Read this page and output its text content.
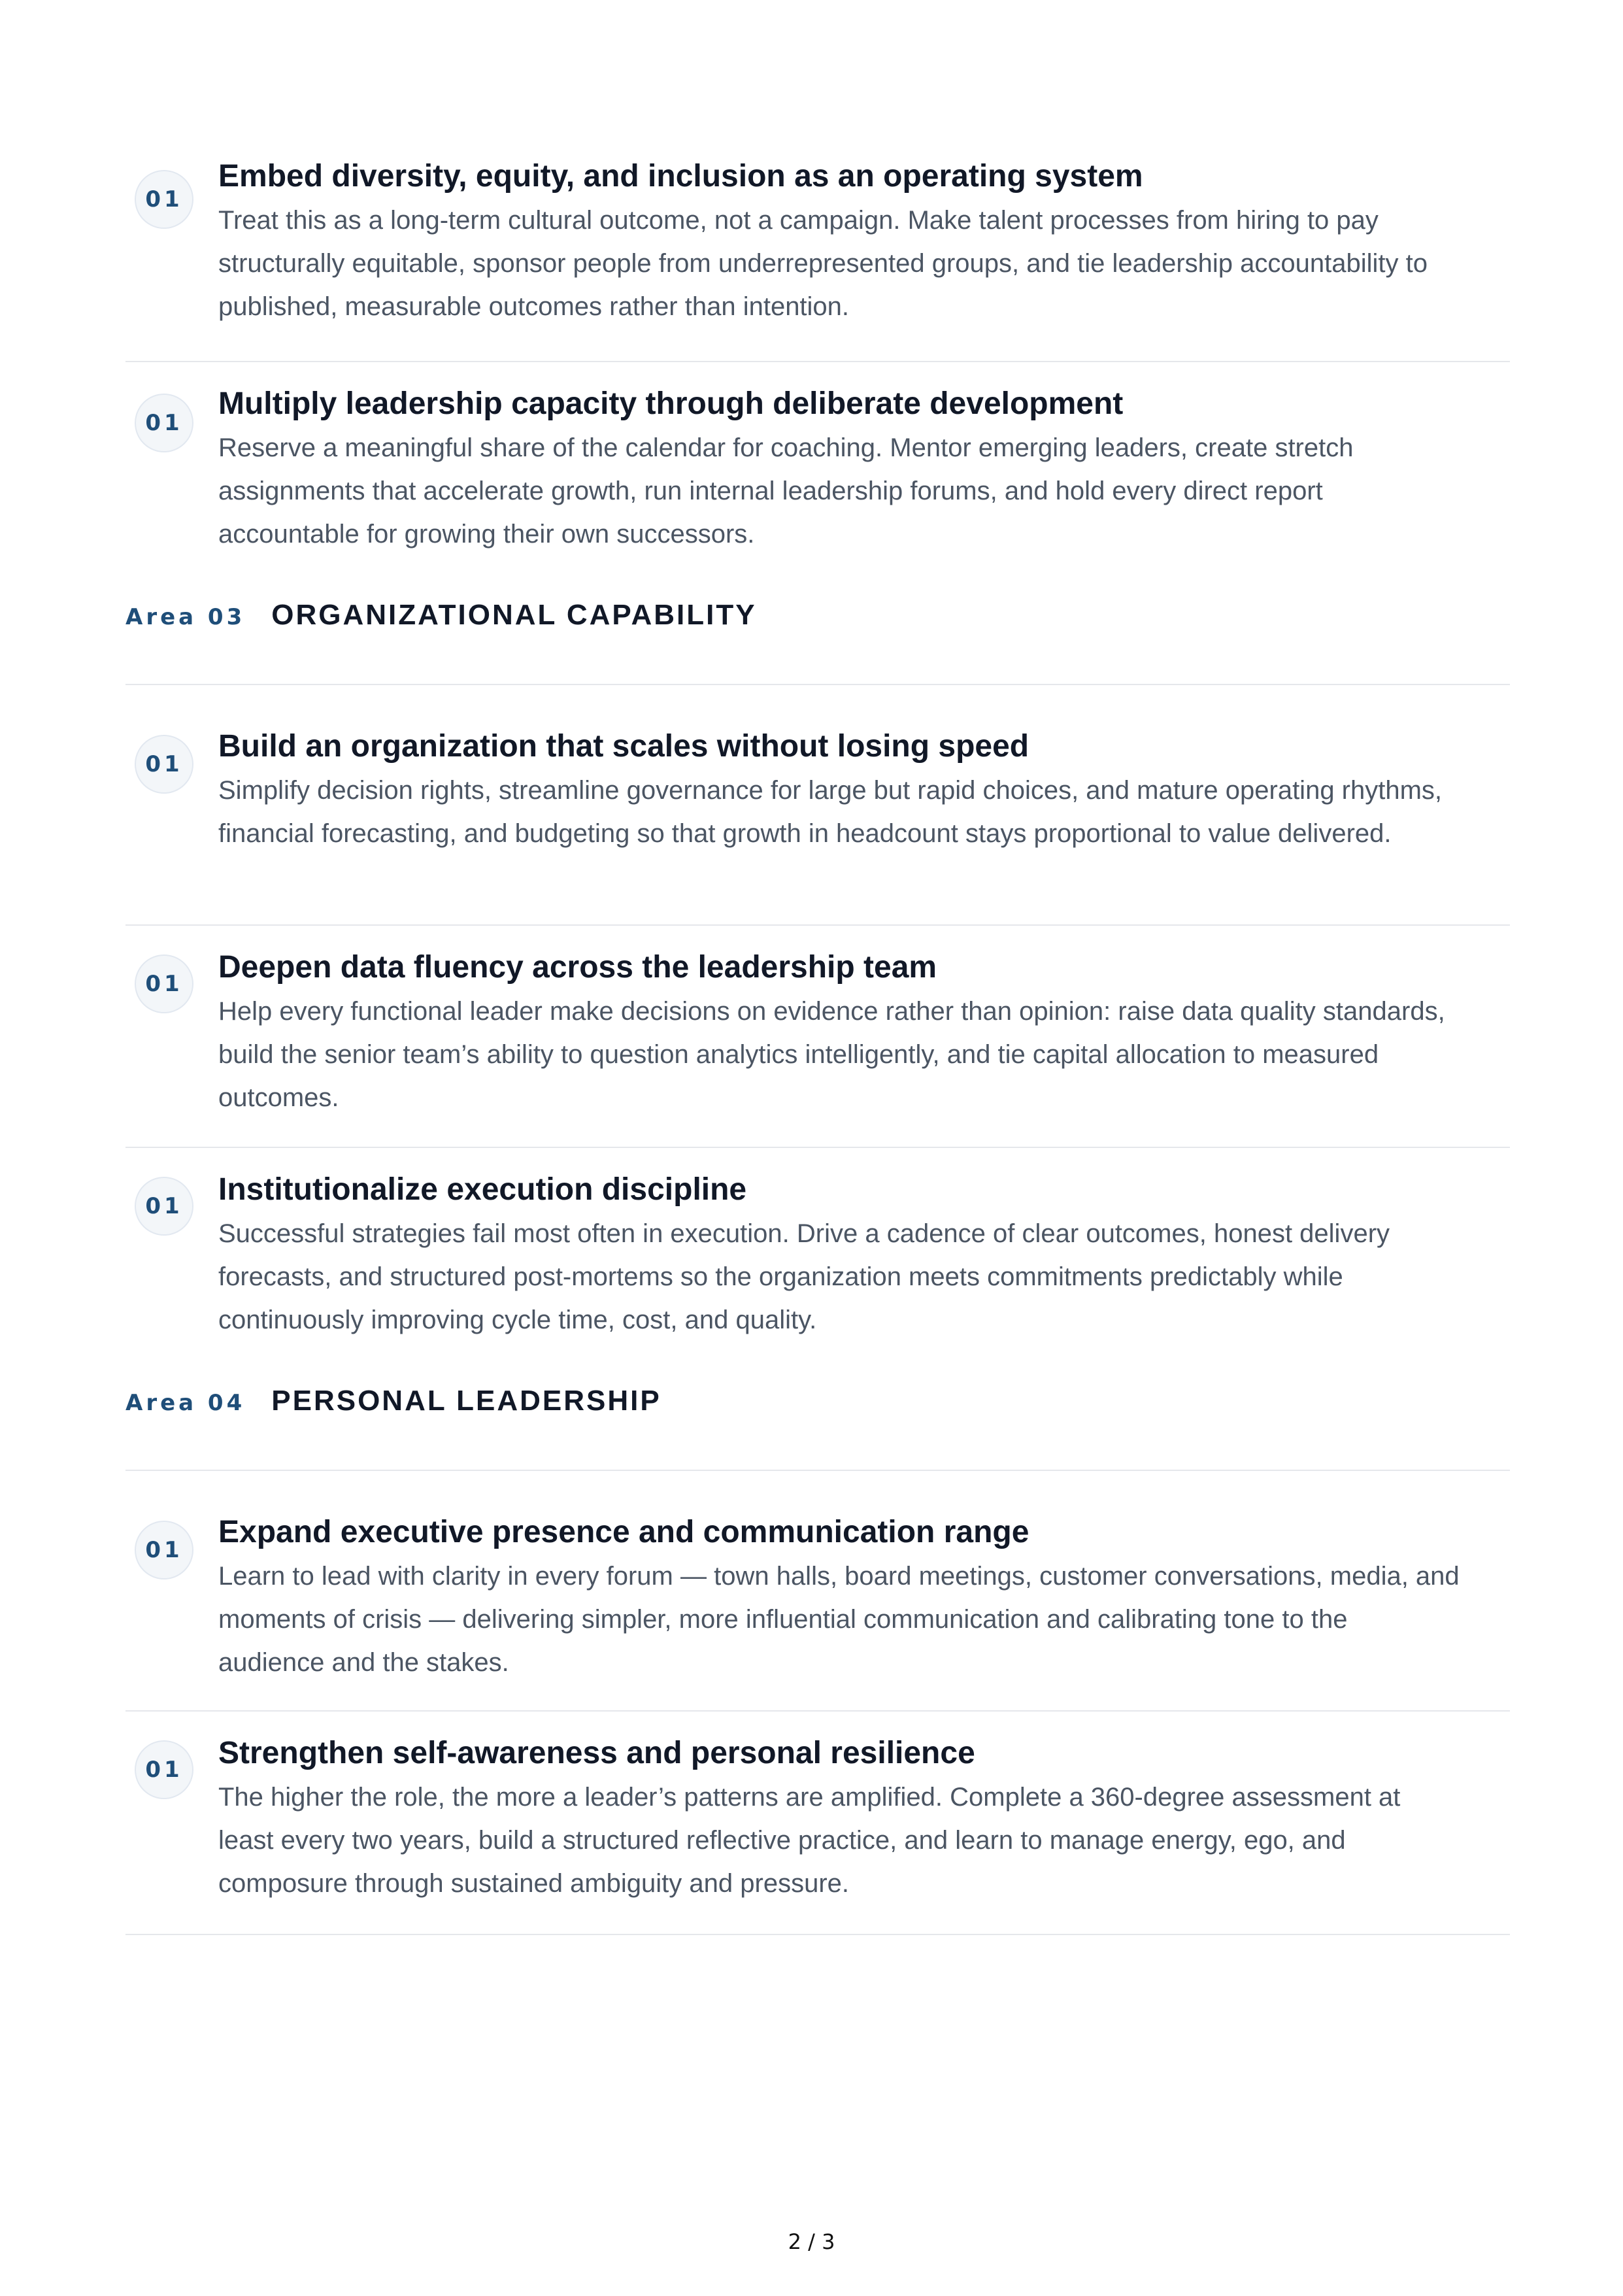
01
Embed diversity, equity, and inclusion as an operating system

Treat this as a long-term cultural outcome, not a campaign. Make talent processes from hiring to pay structurally equitable, sponsor people from underrepresented groups, and tie leadership accountability to published, measurable outcomes rather than intention.

01
Multiply leadership capacity through deliberate development

Reserve a meaningful share of the calendar for coaching. Mentor emerging leaders, create stretch assignments that accelerate growth, run internal leadership forums, and hold every direct report accountable for growing their own successors.

Area 03 ORGANIZATIONAL CAPABILITY
01
Build an organization that scales without losing speed

Simplify decision rights, streamline governance for large but rapid choices, and mature operating rhythms, financial forecasting, and budgeting so that growth in headcount stays proportional to value delivered.

01	Deepen data fluency across the leadership team

Help every functional leader make decisions on evidence rather than opinion: raise data quality standards, build the senior team’s ability to question analytics intelligently, and tie capital allocation to measured outcomes.

01	Institutionalize execution discipline

Successful strategies fail most often in execution. Drive a cadence of clear outcomes, honest delivery forecasts, and structured post-mortems so the organization meets commitments predictably while continuously improving cycle time, cost, and quality.

Area 04 PERSONAL LEADERSHIP
01
Expand executive presence and communication range

Learn to lead with clarity in every forum — town halls, board meetings, customer conversations, media, and moments of crisis — delivering simpler, more influential communication and calibrating tone to the audience and the stakes.

01	Strengthen self-awareness and personal resilience

The higher the role, the more a leader’s patterns are amplified. Complete a 360-degree assessment at least every two years, build a structured reflective practice, and learn to manage energy, ego, and composure through sustained ambiguity and pressure.

2 / 3
